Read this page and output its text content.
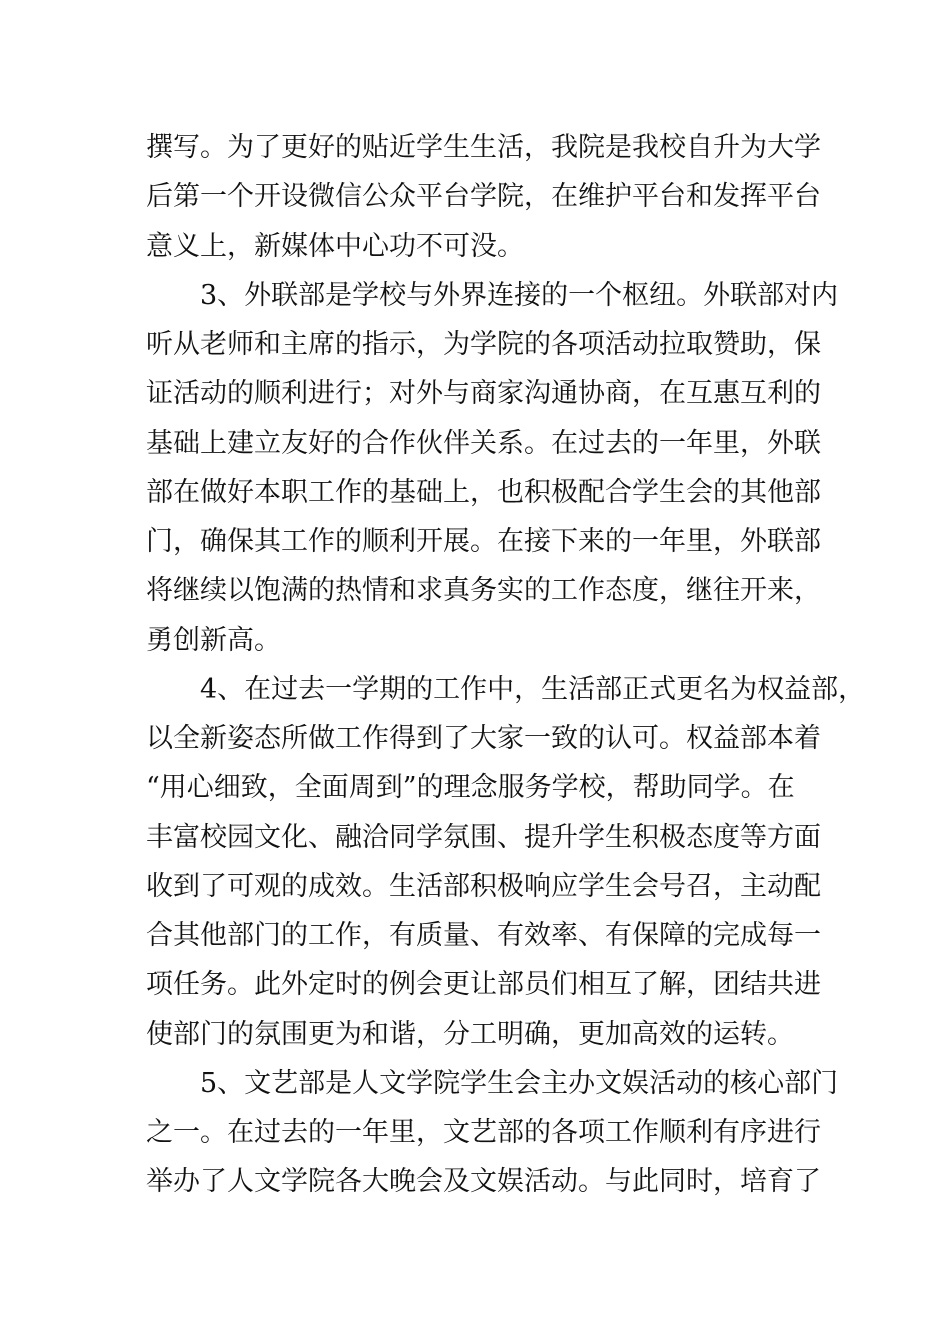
撰写。为了更好的贴近学生生活，我院是我校自升为大学
后第一个开设微信公众平台学院，在维护平台和发挥平台
意义上，新媒体中心功不可没。
3、外联部是学校与外界连接的一个枢纽。外联部对内
听从老师和主席的指示，为学院的各项活动拉取赞助，保
证活动的顺利进行；对外与商家沟通协商，在互惠互利的
基础上建立友好的合作伙伴关系。在过去的一年里，外联
部在做好本职工作的基础上，也积极配合学生会的其他部
门，确保其工作的顺利开展。在接下来的一年里，外联部
将继续以饱满的热情和求真务实的工作态度，继往开来，
勇创新高。
4、在过去一学期的工作中，生活部正式更名为权益部，
以全新姿态所做工作得到了大家一致的认可。权益部本着
“用心细致，全面周到”的理念服务学校，帮助同学。在
丰富校园文化、融洽同学氛围、提升学生积极态度等方面
收到了可观的成效。生活部积极响应学生会号召，主动配
合其他部门的工作，有质量、有效率、有保障的完成每一
项任务。此外定时的例会更让部员们相互了解，团结共进
使部门的氛围更为和谐，分工明确，更加高效的运转。
5、文艺部是人文学院学生会主办文娱活动的核心部门
之一。在过去的一年里，文艺部的各项工作顺利有序进行
举办了人文学院各大晚会及文娱活动。与此同时，培育了
